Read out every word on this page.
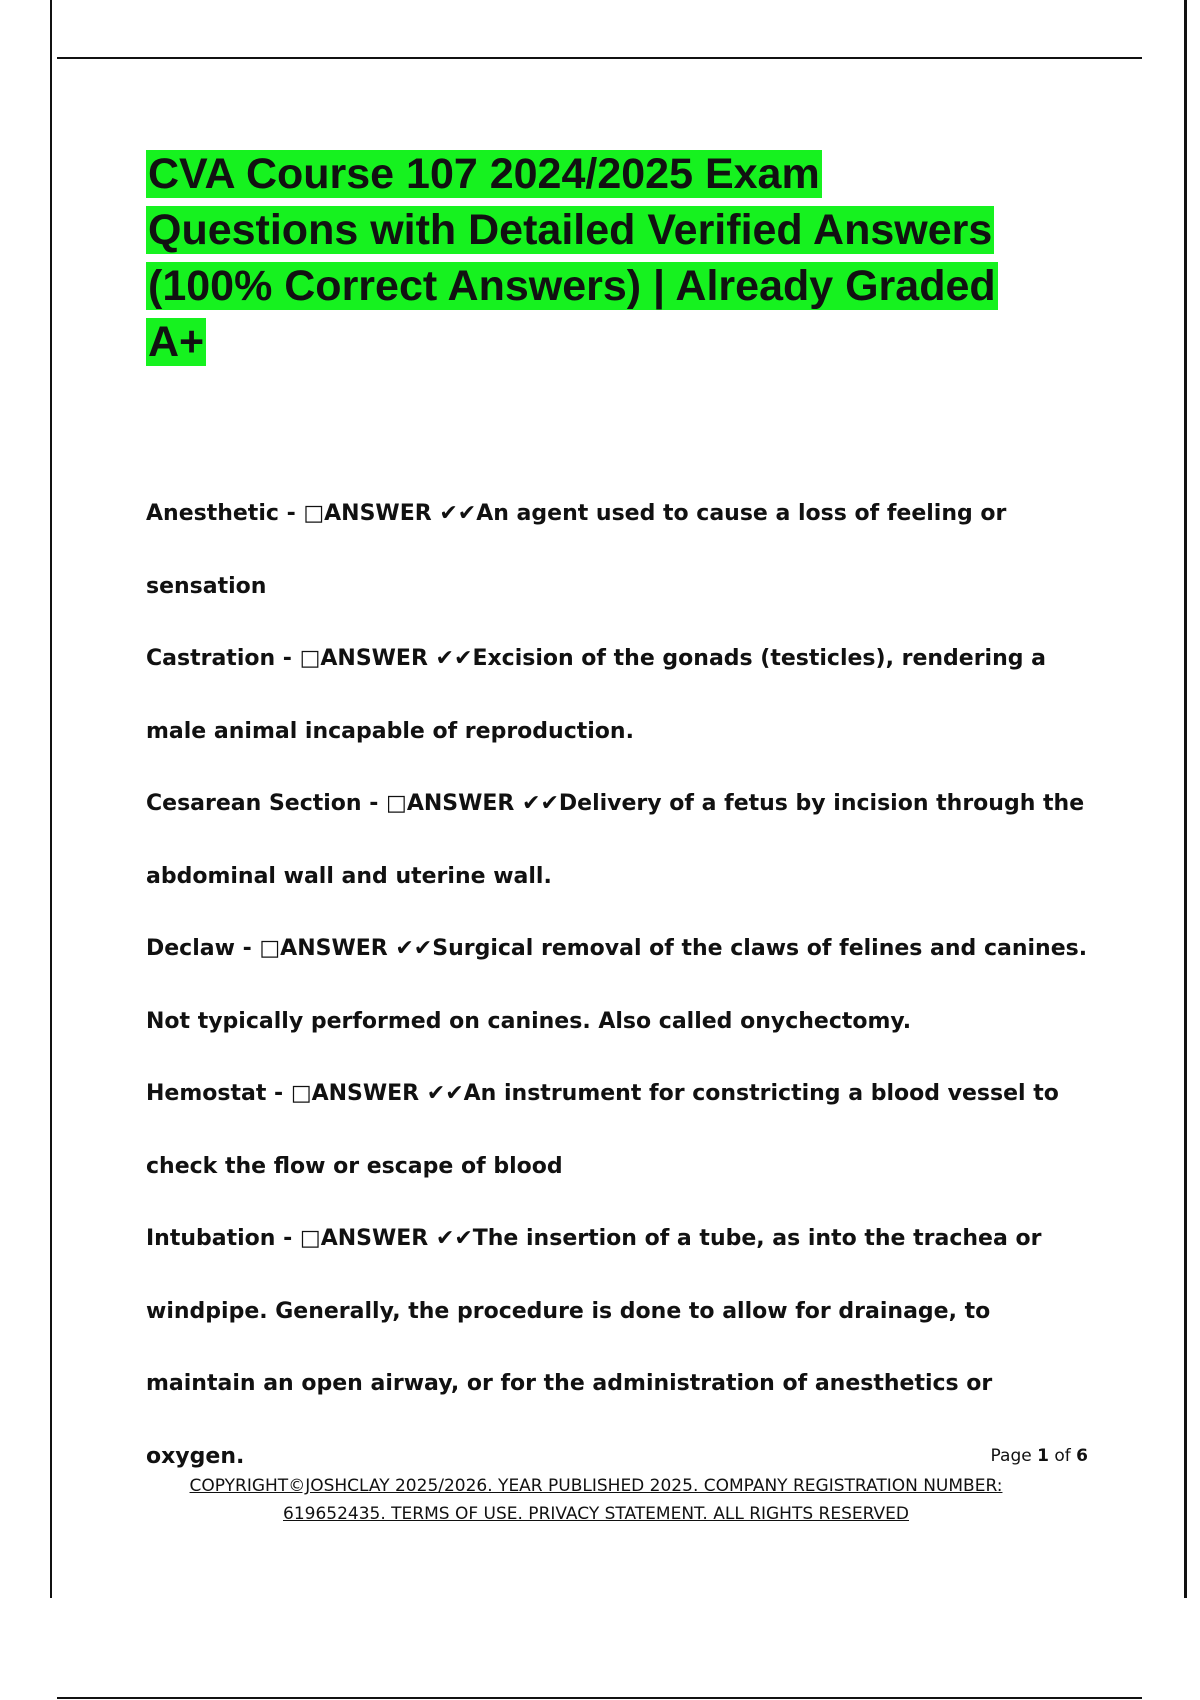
CVA Course 107 2024/2025 Exam Questions with Detailed Verified Answers (100% Correct Answers) | Already Graded A+

Anesthetic - □ANSWER ✔✔An agent used to cause a loss of feeling or sensation

Castration - □ANSWER ✔✔Excision of the gonads (testicles), rendering a male animal incapable of reproduction.

Cesarean Section - □ANSWER ✔✔Delivery of a fetus by incision through the abdominal wall and uterine wall.

Declaw - □ANSWER ✔✔Surgical removal of the claws of felines and canines. Not typically performed on canines. Also called onychectomy.

Hemostat - □ANSWER ✔✔An instrument for constricting a blood vessel to check the flow or escape of blood

Intubation - □ANSWER ✔✔The insertion of a tube, as into the trachea or windpipe. Generally, the procedure is done to allow for drainage, to maintain an open airway, or for the administration of anesthetics or oxygen.	Page 1 of 6
COPYRIGHT©JOSHCLAY 2025/2026. YEAR PUBLISHED 2025. COMPANY REGISTRATION NUMBER: 619652435. TERMS OF USE. PRIVACY STATEMENT. ALL RIGHTS RESERVED
